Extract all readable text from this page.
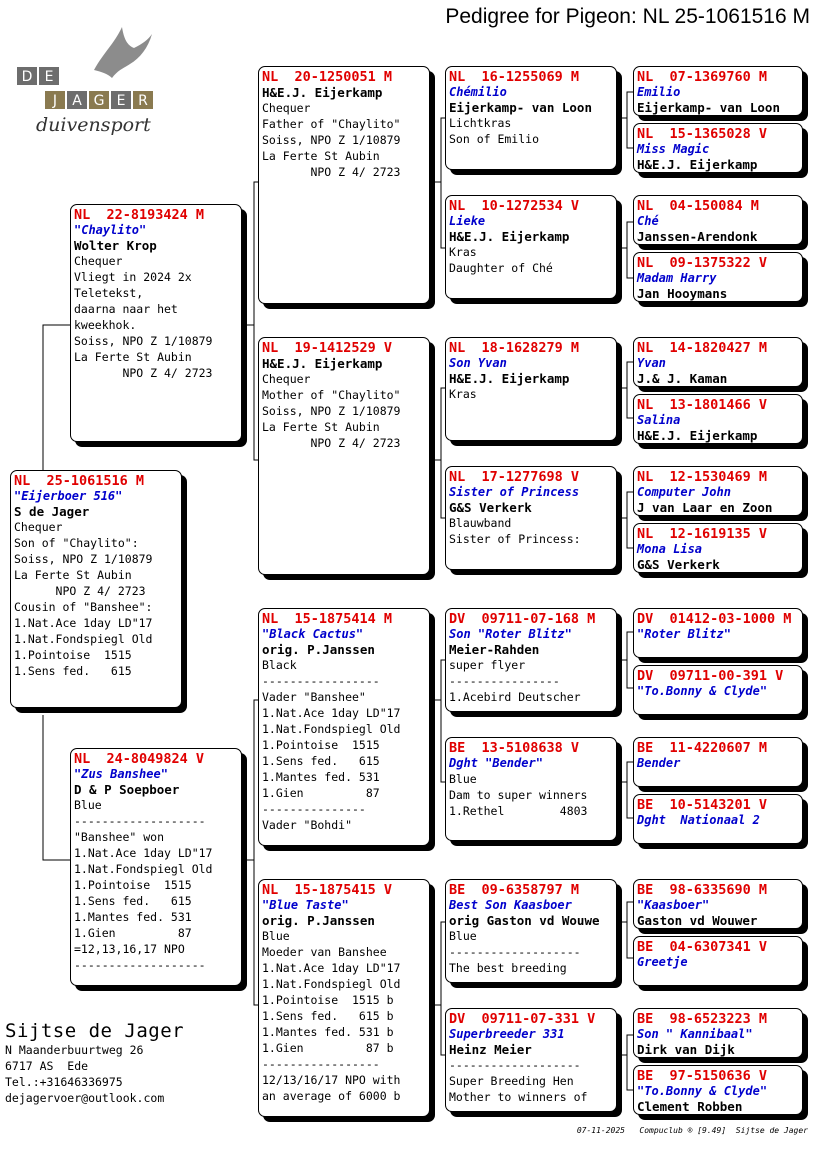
Pedigree for Pigeon: NL 25-1061516 M
D E
J	A G E R
duivensport
NL  25-1061516 M
"Eijerboer 516"
S de Jager
Chequer
Son of "Chaylito":
Soiss, NPO Z 1/10879
La Ferte St Aubin
NPO Z 4/ 2723
Cousin of "Banshee":
1.Nat.Ace 1day LD"17
1.Nat.Fondspiegl Old
1.Pointoise  1515
1.Sens fed.   615
NL  22-8193424 M
"Chaylito"
Wolter Krop
Chequer
Vliegt in 2024 2x
Teletekst,
daarna naar het
kweekhok.
Soiss, NPO Z 1/10879
La Ferte St Aubin
NPO Z 4/ 2723
NL  24-8049824 V
"Zus Banshee"
D & P Soepboer
Blue
-------------------
"Banshee" won
1.Nat.Ace 1day LD"17
1.Nat.Fondspiegl Old
1.Pointoise  1515
1.Sens fed.   615
1.Mantes fed. 531
1.Gien         87
=12,13,16,17 NPO
-------------------
NL  20-1250051 M
H&E.J. Eijerkamp
Chequer
Father of "Chaylito"
Soiss, NPO Z 1/10879
La Ferte St Aubin
NPO Z 4/ 2723
NL  19-1412529 V
H&E.J. Eijerkamp
Chequer
Mother of "Chaylito"
Soiss, NPO Z 1/10879
La Ferte St Aubin
NPO Z 4/ 2723
NL  15-1875414 M
"Black Cactus"
orig. P.Janssen
Black
-----------------
Vader "Banshee"
1.Nat.Ace 1day LD"17
1.Nat.Fondspiegl Old
1.Pointoise  1515
1.Sens fed.   615
1.Mantes fed. 531
1.Gien         87
---------------
Vader "Bohdi"
NL  15-1875415 V
"Blue Taste"
orig. P.Janssen
Blue
Moeder van Banshee
1.Nat.Ace 1day LD"17
1.Nat.Fondspiegl Old
1.Pointoise  1515 b
1.Sens fed.   615 b
1.Mantes fed. 531 b
1.Gien         87 b
-----------------
12/13/16/17 NPO with
an average of 6000 b
NL  16-1255069 M
Chémilio
Eijerkamp- van Loon
Lichtkras
Son of Emilio
NL  10-1272534 V
Lieke
H&E.J. Eijerkamp
Kras
Daughter of Ché
NL  18-1628279 M
Son Yvan
H&E.J. Eijerkamp
Kras
NL  17-1277698 V
Sister of Princess
G&S Verkerk
Blauwband
Sister of Princess:
DV  09711-07-168 M
Son "Roter Blitz"
Meier-Rahden
super flyer
----------------
1.Acebird Deutscher
BE  13-5108638 V
Dght "Bender"
Blue
Dam to super winners
1.Rethel        4803
BE  09-6358797 M
Best Son Kaasboer
orig Gaston vd Wouwe
Blue
-------------------
The best breeding
DV  09711-07-331 V
Superbreeder 331
Heinz Meier
-------------------
Super Breeding Hen
Mother to winners of
NL  07-1369760 M
Emilio
Eijerkamp- van Loon
NL  15-1365028 V
Miss Magic
H&E.J. Eijerkamp
NL  04-150084 M
Ché
Janssen-Arendonk
NL  09-1375322 V
Madam Harry
Jan Hooymans
NL  14-1820427 M
Yvan
J.& J. Kaman
NL  13-1801466 V
Salina
H&E.J. Eijerkamp
NL  12-1530469 M
Computer John
J van Laar en Zoon
NL  12-1619135 V
Mona Lisa
G&S Verkerk
DV  01412-03-1000 M
"Roter Blitz"
DV  09711-00-391 V
"To.Bonny & Clyde"
BE  11-4220607 M
Bender
BE  10-5143201 V
Dght  Nationaal 2
BE  98-6335690 M
"Kaasboer"
Gaston vd Wouwer
BE  04-6307341 V
Greetje
BE  98-6523223 M
Son " Kannibaal"
Dirk van Dijk
BE  97-5150636 V
"To.Bonny & Clyde"
Clement Robben
Sijtse de Jager
N Maanderbuurtweg 26
6717 AS  Ede
Tel.:+31646336975
dejagervoer@outlook.com
07-11-2025   Compuclub ® [9.49]  Sijtse de Jager
